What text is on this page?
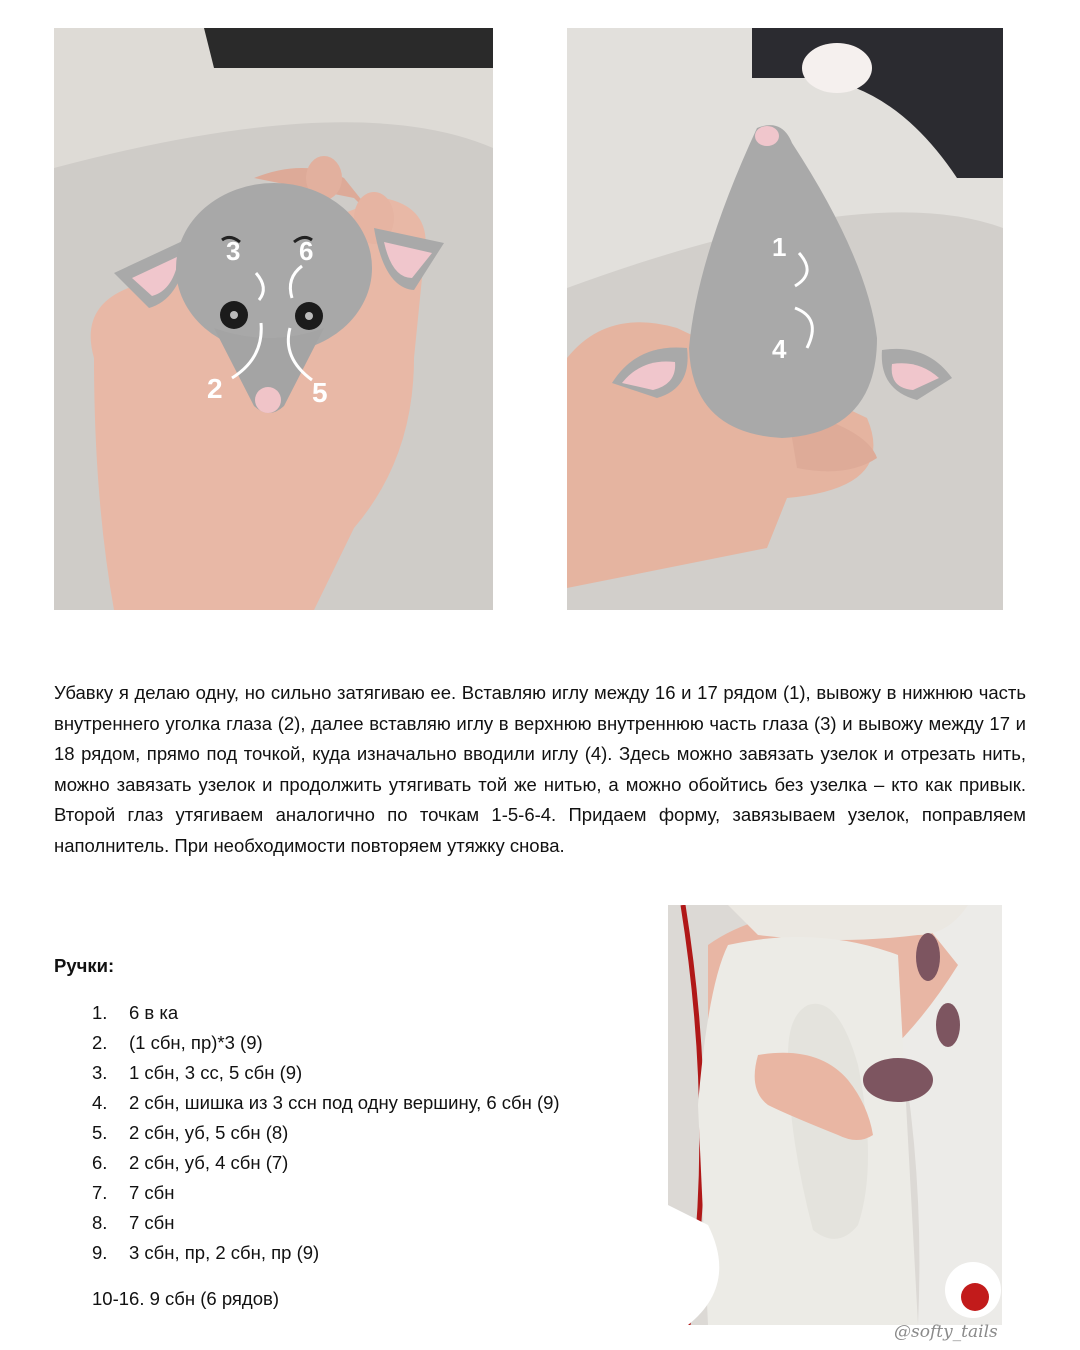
3 6
2	5
1
4

Убавку я делаю одну, но сильно затягиваю ее. Вставляю иглу между 16 и 17 рядом (1), вывожу в нижнюю часть внутреннего уголка глаза (2), далее вставляю иглу в верхнюю внутреннюю часть глаза (3) и вывожу между 17 и 18 рядом, прямо под точкой, куда изначально вводили иглу (4). Здесь можно завязать узелок и отрезать нить, можно завязать узелок и продолжить утягивать той же нитью, а можно обойтись без узелка – кто как привык. Второй глаз утягиваем аналогично по точкам 1-5-6-4. Придаем форму, завязываем узелок, поправляем наполнитель. При необходимости повторяем утяжку снова.

Ручки:
1. 6 в ка
2. (1 сбн, пр)*3 (9)
3. 1 сбн, 3 сс, 5 сбн (9)
4. 2 сбн, шишка из 3 ссн под одну вершину, 6 сбн (9)
5. 2 сбн, уб, 5 сбн (8)
6. 2 сбн, уб, 4 сбн (7)
7. 7 сбн
8. 7 сбн
9. 3 сбн, пр, 2 сбн, пр (9)

10-16. 9 сбн (6 рядов)

@softy_tails
